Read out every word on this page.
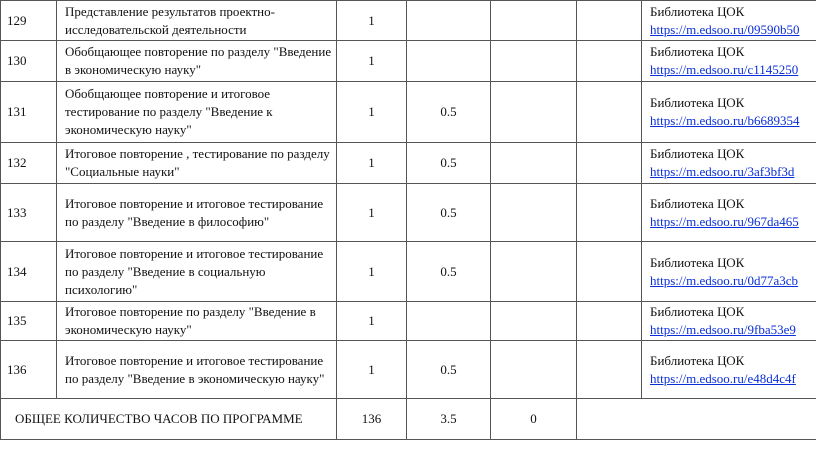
129	Представление результатов проектно-исследовательской деятельности	1				Библиотека ЦОК
https://m.edsoo.ru/09590b50
130	Обобщающее повторение по разделу "Введение в экономическую науку"	1				Библиотека ЦОК
https://m.edsoo.ru/c1145250
131	Обобщающее повторение и итоговое тестирование по разделу "Введение к экономическую науку"	1	0.5			Библиотека ЦОК
https://m.edsoo.ru/b6689354
132	Итоговое повторение , тестирование по разделу "Социальные науки"	1	0.5			Библиотека ЦОК
https://m.edsoo.ru/3af3bf3d
133	Итоговое повторение и итоговое тестирование по разделу "Введение в философию"	1	0.5			Библиотека ЦОК
https://m.edsoo.ru/967da465
134	Итоговое повторение и итоговое тестирование по разделу "Введение в социальную психологию"	1	0.5			Библиотека ЦОК
https://m.edsoo.ru/0d77a3cb
135	Итоговое повторение по разделу "Введение в экономическую науку"	1				Библиотека ЦОК
https://m.edsoo.ru/9fba53e9
136	Итоговое повторение и итоговое тестирование по разделу "Введение в экономическую науку"	1	0.5			Библиотека ЦОК
https://m.edsoo.ru/e48d4c4f
ОБЩЕЕ КОЛИЧЕСТВО ЧАСОВ ПО ПРОГРАММЕ		136	3.5	0		
